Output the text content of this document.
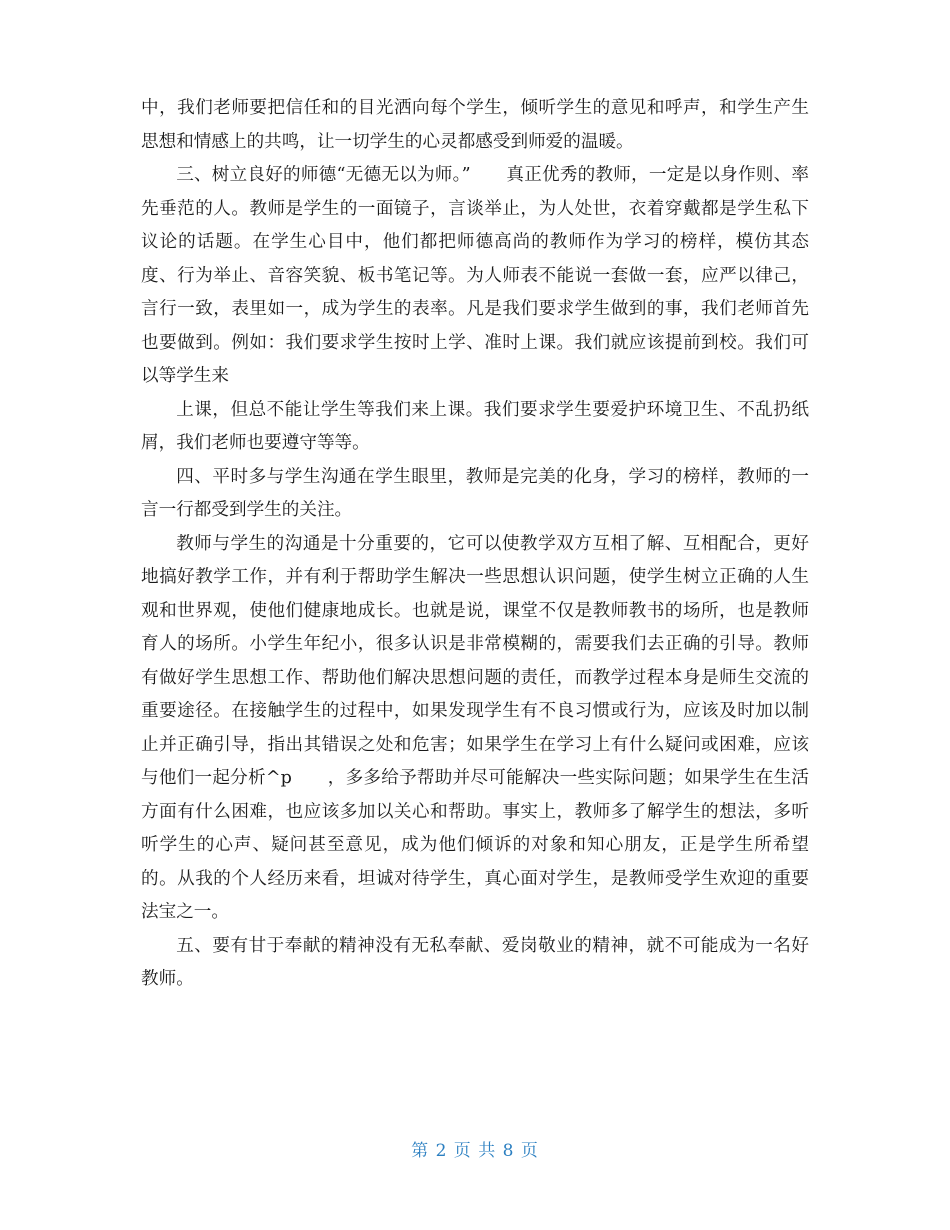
中，我们老师要把信任和的目光洒向每个学生，倾听学生的意见和呼声，和学生产生思想和情感上的共鸣，让一切学生的心灵都感受到师爱的温暖。

三、树立良好的师德“无德无以为师。”　　真正优秀的教师，一定是以身作则、率先垂范的人。教师是学生的一面镜子，言谈举止，为人处世，衣着穿戴都是学生私下议论的话题。在学生心目中，他们都把师德高尚的教师作为学习的榜样，模仿其态度、行为举止、音容笑貌、板书笔记等。为人师表不能说一套做一套，应严以律己，言行一致，表里如一，成为学生的表率。凡是我们要求学生做到的事，我们老师首先也要做到。例如：我们要求学生按时上学、准时上课。我们就应该提前到校。我们可以等学生来

上课，但总不能让学生等我们来上课。我们要求学生要爱护环境卫生、不乱扔纸屑，我们老师也要遵守等等。

四、平时多与学生沟通在学生眼里，教师是完美的化身，学习的榜样，教师的一言一行都受到学生的关注。

教师与学生的沟通是十分重要的，它可以使教学双方互相了解、互相配合，更好地搞好教学工作，并有利于帮助学生解决一些思想认识问题，使学生树立正确的人生观和世界观，使他们健康地成长。也就是说，课堂不仅是教师教书的场所，也是教师育人的场所。小学生年纪小，很多认识是非常模糊的，需要我们去正确的引导。教师有做好学生思想工作、帮助他们解决思想问题的责任，而教学过程本身是师生交流的重要途径。在接触学生的过程中，如果发现学生有不良习惯或行为，应该及时加以制止并正确引导，指出其错误之处和危害；如果学生在学习上有什么疑问或困难，应该与他们一起分析^p　　，多多给予帮助并尽可能解决一些实际问题；如果学生在生活方面有什么困难，也应该多加以关心和帮助。事实上，教师多了解学生的想法，多听听学生的心声、疑问甚至意见，成为他们倾诉的对象和知心朋友，正是学生所希望的。从我的个人经历来看，坦诚对待学生，真心面对学生，是教师受学生欢迎的重要法宝之一。

五、要有甘于奉献的精神没有无私奉献、爱岗敬业的精神，就不可能成为一名好教师。

第 2 页 共 8 页
